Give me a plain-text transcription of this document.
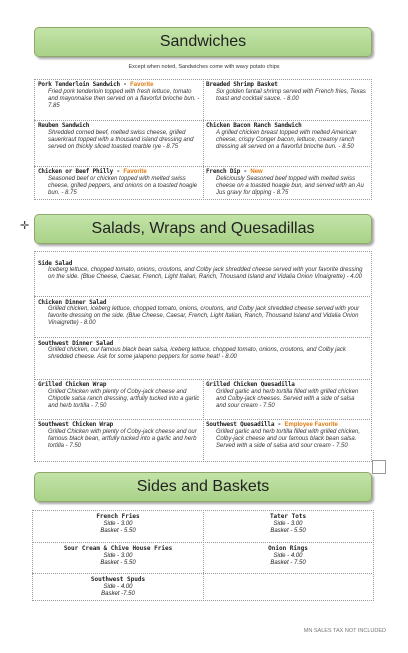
Sandwiches
Except when noted, Sandwiches come with wavy potato chips
Pork Tenderloin Sandwich - Favorite
Fried pork tenderloin topped with fresh lettuce, tomato and mayonnaise then served on a flavorful brioche bun. - 7.85
Breaded Shrimp Basket
Six golden fantail shrimp served with French fries, Texas toast and cocktail sauce. - 8.00
Reuben Sandwich
Shredded corned beef, melted swiss cheese, grilled sauerkraut topped with a thousand island dressing and served on thickly sliced toasted marble rye - 8.75
Chicken Bacon Ranch Sandwich
A grilled chicken breast topped with melted American cheese, crispy Conger bacon, lettuce, creamy ranch dressing all served on a flavorful brioche bun. - 8.50
Chicken or Beef Philly - Favorite
Seasoned beef or chicken topped with melted swiss cheese, grilled peppers, and onions on a toasted hoagie bun. - 8.75
French Dip - New
Deliciously Seasoned beef topped with melted swiss cheese on a toasted hoagie bun, and served with an Au Jus gravy for dipping - 8.75
✛	Salads, Wraps and Quesadillas
Side Salad
Iceberg lettuce, chopped tomato, onions, croutons, and Colby jack shredded cheese served with your favorite dressing on the side. (Blue Cheese, Caesar, French, Light Italian, Ranch, Thousand Island and Vidalia Onion Vinaigrette) - 4.00
Chicken Dinner Salad
Grilled chicken, iceberg lettuce, chopped tomato, onions, croutons, and Colby jack shredded cheese served with your favorite dressing on the side. (Blue Cheese, Caesar, French, Light Italian, Ranch, Thousand Island and Vidalia Onion Vinaigrette) - 8.00
Southwest Dinner Salad
Grilled chicken, our famous black bean salsa, iceberg lettuce, chopped tomato, onions, croutons, and Colby jack shredded cheese. Ask for some jalapeno peppers for some heat! - 8.00
Grilled Chicken Wrap
Grilled Chicken with plenty of Coby-jack cheese and Chipotle salsa ranch dressing, artfully tucked into a garlic and herb tortilla - 7.50
Grilled Chicken Quesadilla
Grilled garlic and herb tortilla filled with grilled chicken and Colby-jack cheeses. Served with a side of salsa and sour cream - 7.50
Southwest Chicken Wrap
Grilled Chicken with plenty of Coby-jack cheese and our famous black bean, artfully tucked into a garlic and herb tortilla - 7.50
Southwest Quesadilla - Employee Favorite
Grilled garlic and herb tortilla filled with grilled chicken, Colby-jack cheese and our famous black bean salsa. Served with a side of salsa and sour cream - 7.50
Sides and Baskets
French Fries
Side - 3.00
Basket - 5.50
Tater Tots
Side - 3.00
Basket - 5.50
Sour Cream & Chive House Fries
Side - 3.00
Basket - 5.50
Onion Rings
Side - 4.00
Basket - 7.50
Southwest Spuds
Side - 4.00
Basket -7.50
MN SALES TAX NOT INCLUDED
